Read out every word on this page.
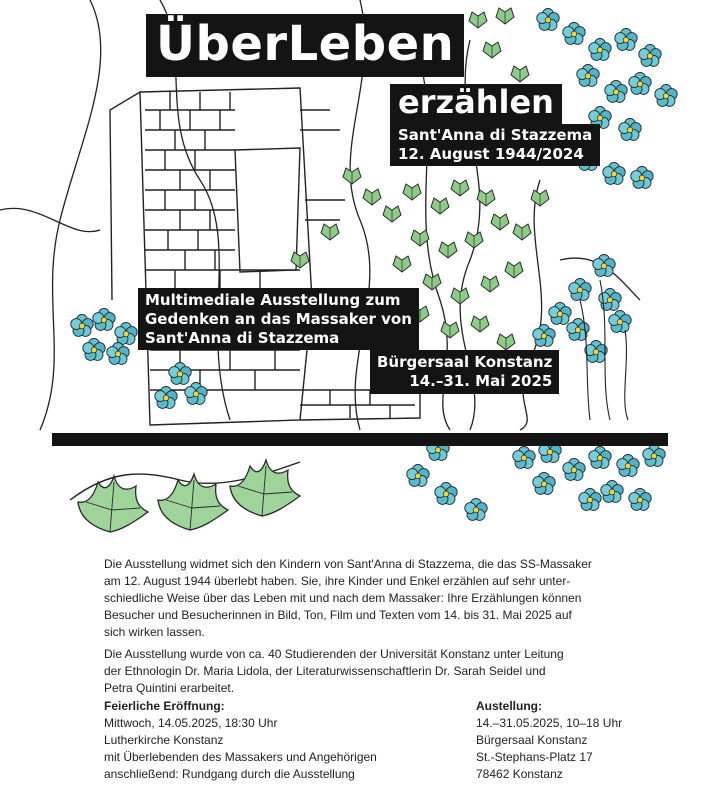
ÜberLeben
erzählen
Sant'Anna di Stazzema
12. August 1944/2024
Multimediale Ausstellung zum
Gedenken an das Massaker von
Sant'Anna di Stazzema
Bürgersaal Konstanz
14.–31. Mai 2025
Die Ausstellung widmet sich den Kindern von Sant'Anna di Stazzema, die das SS-Massaker
am 12. August 1944 überlebt haben. Sie, ihre Kinder und Enkel erzählen auf sehr unter-
schiedliche Weise über das Leben mit und nach dem Massaker: Ihre Erzählungen können
Besucher und Besucherinnen in Bild, Ton, Film und Texten vom 14. bis 31. Mai 2025 auf
sich wirken lassen.
Die Ausstellung wurde von ca. 40 Studierenden der Universität Konstanz unter Leitung
der Ethnologin Dr. Maria Lidola, der Literaturwissenschaftlerin Dr. Sarah Seidel und
Petra Quintini erarbeitet.
Feierliche Eröffnung:
Mittwoch, 14.05.2025, 18:30 Uhr
Lutherkirche Konstanz
mit Überlebenden des Massakers und Angehörigen
anschließend: Rundgang durch die Ausstellung
Austellung:
14.–31.05.2025, 10–18 Uhr
Bürgersaal Konstanz
St.-Stephans-Platz 17
78462 Konstanz
